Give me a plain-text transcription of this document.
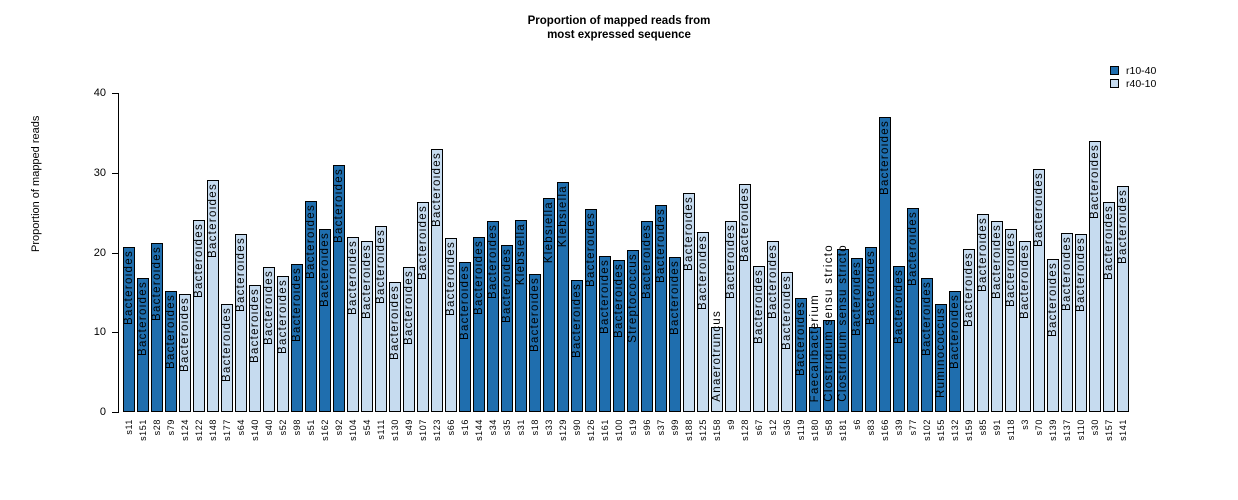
Proportion of mapped reads from
most expressed sequence
Proportion of mapped reads
r10-40
r40-10
0
10
20
30
40
Bacteroides
s11
Bacteroides
s151
Bacteroides
s28
Bacteroides
s79
Bacteroides
s124
Bacteroides
s122
Bacteroides
s148
Bacteroides
s177
Bacteroides
s64
Bacteroides
s140
Bacteroides
s40
Bacteroides
s52
Bacteroides
s98
Bacteroides
s51
Bacteroides
s162
Bacteroides
s92
Bacteroides
s104
Bacteroides
s54
Bacteroides
s111
Bacteroides
s130
Bacteroides
s49
Bacteroides
s107
Bacteroides
s123
Bacteroides
s66
Bacteroides
s16
Bacteroides
s144
Bacteroides
s34
Bacteroides
s35
Klebsiella
s31
Bacteroides
s18
Klebsiella
s33
Klebsiella
s129
Bacteroides
s90
Bacteroides
s126
Bacteroides
s161
Bacteroides
s100
Streptococcus
s19
Bacteroides
s96
Bacteroides
s37
Bacteroides
s99
Bacteroides
s188
Bacteroides
s125
Anaerotruncus
s158
Bacteroides
s9
Bacteroides
s128
Bacteroides
s67
Bacteroides
s12
Bacteroides
s36
Bacteroides
s119
Faecalibacterium
s180
Clostridium sensu stricto
s58
Clostridium sensu stricto
s181
Bacteroides
s6
Bacteroides
s83
Bacteroides
s166
Bacteroides
s39
Bacteroides
s77
Bacteroides
s102
Ruminococcus
s155
Bacteroides
s132
Bacteroides
s159
Bacteroides
s85
Bacteroides
s91
Bacteroides
s118
Bacteroides
s3
Bacteroides
s70
Bacteroides
s139
Bacteroides
s137
Bacteroides
s110
Bacteroides
s30
Bacteroides
s157
Bacteroides
s141
